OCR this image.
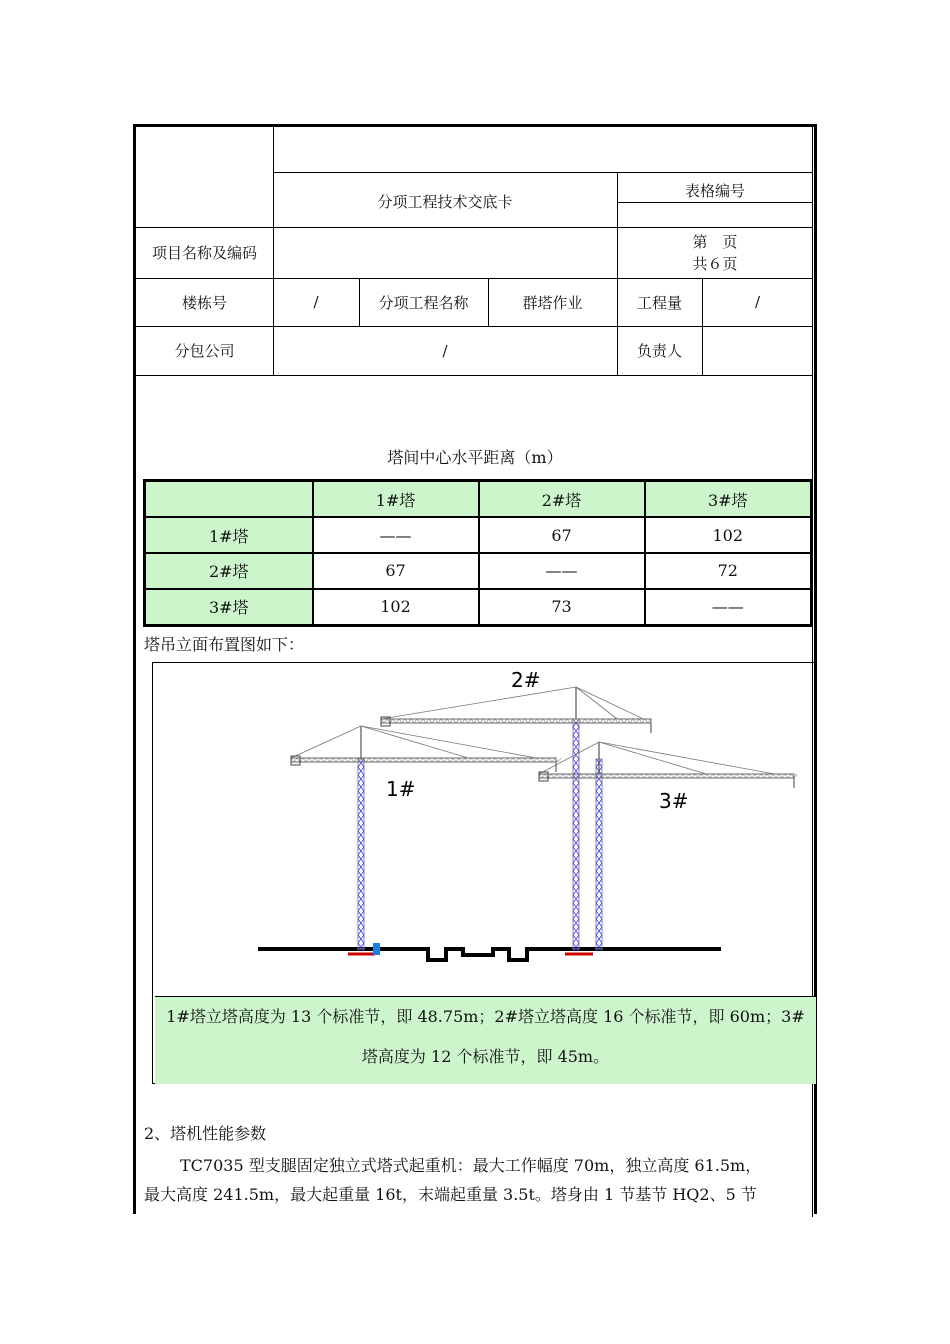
分项工程技术交底卡
表格编号
项目名称及编码
第　页
共６页
楼栋号	/	分项工程名称	群塔作业	工程量	/
分包公司	/	负责人
塔间中心水平距离（m）
	1#塔	2#塔	3#塔
1#塔	——	67	102
2#塔	67	——	72
3#塔	102	73	——
塔吊立面布置图如下：
1#
2#
3#
1#塔立塔高度为 13 个标准节，即 48.75m；2#塔立塔高度 16 个标准节，即 60m；3#
塔高度为 12 个标准节，即 45m。
2、塔机性能参数
TC7035 型支腿固定独立式塔式起重机：最大工作幅度 70m，独立高度 61.5m，
最大高度 241.5m，最大起重量 16t，末端起重量 3.5t。塔身由 1 节基节 HQ2、5 节
